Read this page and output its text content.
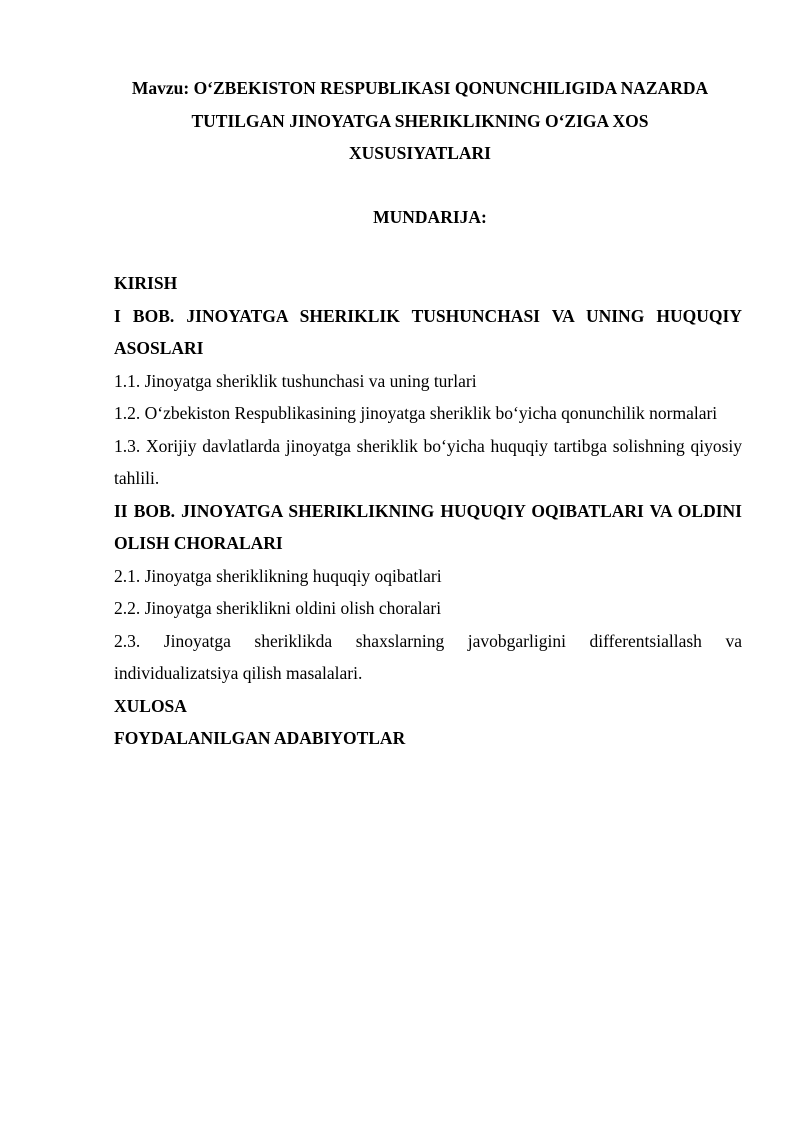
Mavzu: O‘ZBEKISTON RESPUBLIKASI QONUNCHILIGIDA NAZARDA
TUTILGAN JINOYATGA SHERIKLIKNING O‘ZIGA XOS
XUSUSIYATLARI
MUNDARIJA:
KIRISH
I BOB. JINOYATGA SHERIKLIK TUSHUNCHASI VA UNING HUQUQIY ASOSLARI
1.1. Jinoyatga sheriklik tushunchasi va uning turlari
1.2. O‘zbekiston Respublikasining jinoyatga sheriklik bo‘yicha qonunchilik normalari
1.3. Xorijiy davlatlarda jinoyatga sheriklik bo‘yicha huquqiy tartibga solishning qiyosiy tahlili.
II BOB. JINOYATGA SHERIKLIKNING HUQUQIY OQIBATLARI VA OLDINI OLISH CHORALARI
2.1. Jinoyatga sheriklikning huquqiy oqibatlari
2.2. Jinoyatga sheriklikni oldini olish choralari
2.3. Jinoyatga sheriklikda shaxslarning javobgarligini differentsiallash va individualizatsiya qilish masalalari.
XULOSA
FOYDALANILGAN ADABIYOTLAR
